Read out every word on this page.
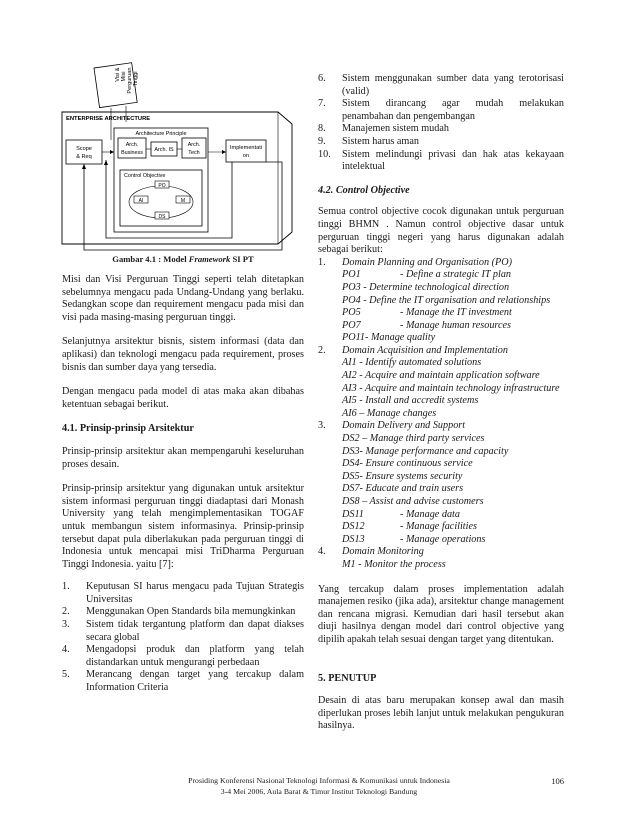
Visi & Misi Perguruan Tinggi
ENTERPRISE ARCHITECTURE
Scope
& Req
Architecture Principle
Arch.
Business Arch. IS
Arch.
Tech
Implementati
on
Control Objective
PO
AI	M
DS
Gambar 4.1 : Model Framework SI PT

Misi dan Visi Perguruan Tinggi seperti telah ditetapkan sebelumnya mengacu pada Undang-Undang yang berlaku. Sedangkan scope dan requirement mengacu pada misi dan visi pada masing-masing perguruan tinggi.

Selanjutnya arsitektur bisnis, sistem informasi (data dan aplikasi) dan teknologi mengacu pada requirement, proses bisnis dan sumber daya yang tersedia.

Dengan mengacu pada model di atas maka akan dibahas ketentuan sebagai berikut.

4.1. Prinsip-prinsip Arsitektur

Prinsip-prinsip arsitektur akan mempengaruhi keseluruhan proses desain.

Prinsip-prinsip arsitektur yang digunakan untuk arsitektur sistem informasi perguruan tinggi diadaptasi dari Monash University yang telah mengimplementasikan TOGAF untuk membangun sistem informasinya. Prinsip-prinsip tersebut dapat pula diberlakukan pada perguruan tinggi di Indonesia untuk mencapai misi TriDharma Perguruan Tinggi Indonesia. yaitu [7]:

1. Keputusan SI harus mengacu pada Tujuan Strategis Universitas
2. Menggunakan Open Standards bila memungkinkan
3. Sistem tidak tergantung platform dan dapat diakses secara global
4. Mengadopsi produk dan platform yang telah distandarkan untuk mengurangi perbedaan
5. Merancang dengan target yang tercakup dalam Information Criteria
6. Sistem menggunakan sumber data yang terotorisasi (valid)
7. Sistem dirancang agar mudah melakukan penambahan dan pengembangan
8. Manajemen sistem mudah
9. Sistem harus aman
10. Sistem melindungi privasi dan hak atas kekayaan intelektual

4.2. Control Objective

Semua control objective cocok digunakan untuk perguruan tinggi BHMN . Namun control objective dasar untuk perguruan tinggi negeri yang harus digunakan adalah sebagai berikut:

1.	Domain Planning and Organisation (PO)
PO1	- Define a strategic IT plan
PO3 - Determine technological direction
PO4 - Define the IT organisation and relationships
PO5	- Manage the IT investment
PO7	- Manage human resources
PO11- Manage quality
2.	Domain Acquisition and Implementation
AI1 - Identify automated solutions
AI2 - Acquire and maintain application software
AI3 - Acquire and maintain technology infrastructure
AI5 - Install and accredit systems
AI6 – Manage changes
3.	Domain Delivery and Support
DS2 – Manage third party services
DS3- Manage performance and capacity
DS4- Ensure continuous service
DS5- Ensure systems security
DS7- Educate and train users
DS8 – Assist and advise customers
DS11	- Manage data
DS12	- Manage facilities
DS13	- Manage operations
4.	Domain Monitoring
M1 - Monitor the process

Yang tercakup dalam proses implementation adalah manajemen resiko (jika ada), arsitektur change management dan rencana migrasi. Kemudian dari hasil tersebut akan diuji hasilnya dengan model dari control objective yang dipilih apakah telah sesuai dengan target yang ditentukan.

5. PENUTUP

Desain di atas baru merupakan konsep awal dan masih diperlukan proses lebih lanjut untuk melakukan pengukuran hasilnya.

Prosiding Konferensi Nasional Teknologi Informasi & Komunikasi untuk Indonesia
3-4 Mei 2006, Aula Barat & Timur Institut Teknologi Bandung
106
